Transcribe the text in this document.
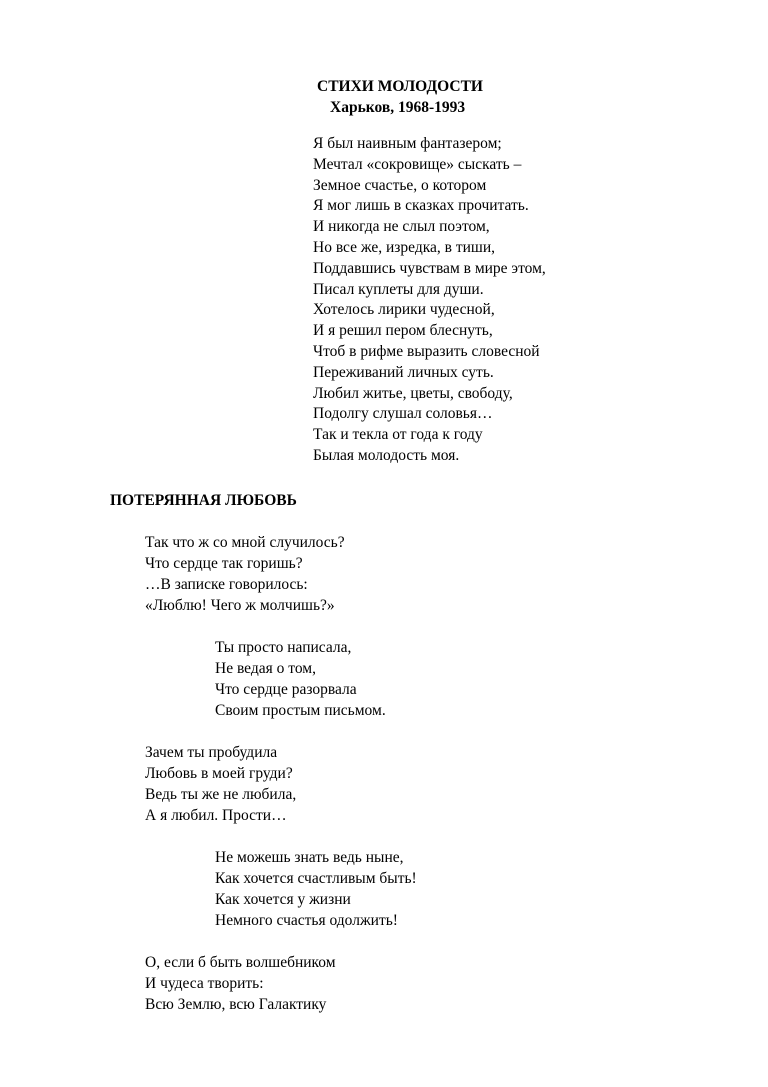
СТИХИ МОЛОДОСТИ
Харьков, 1968-1993
Я был наивным фантазером;
Мечтал «сокровище» сыскать –
Земное счастье, о котором
Я мог лишь в сказках прочитать.
И никогда не слыл поэтом,
Но все же, изредка, в тиши,
Поддавшись чувствам в мире этом,
Писал куплеты для души.
Хотелось лирики чудесной,
И я решил пером блеснуть,
Чтоб в рифме выразить словесной
Переживаний личных суть.
Любил житье, цветы, свободу,
Подолгу слушал соловья…
Так и текла от года к году
Былая молодость моя.
ПОТЕРЯННАЯ ЛЮБОВЬ
Так что ж со мной случилось?
Что сердце так горишь?
…В записке говорилось:
«Люблю! Чего ж молчишь?»
Ты просто написала,
Не ведая о том,
Что сердце разорвала
Своим простым письмом.
Зачем ты пробудила
Любовь в моей груди?
Ведь ты же не любила,
А я любил. Прости…
Не можешь знать ведь ныне,
Как хочется счастливым быть!
Как хочется у жизни
Немного счастья одолжить!
О, если б быть волшебником
И чудеса творить:
Всю Землю, всю Галактику
